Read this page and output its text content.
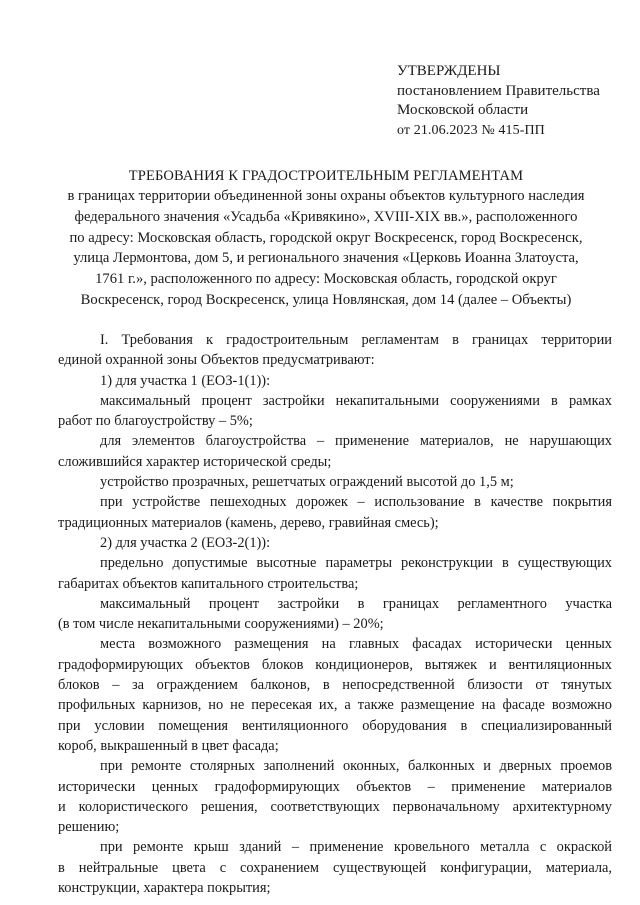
УТВЕРЖДЕНЫ
постановлением Правительства
Московской области
от 21.06.2023 № 415-ПП
ТРЕБОВАНИЯ К ГРАДОСТРОИТЕЛЬНЫМ РЕГЛАМЕНТАМ
в границах территории объединенной зоны охраны объектов культурного наследия
федерального значения «Усадьба «Кривякино», XVIII-XIX вв.», расположенного
по адресу: Московская область, городской округ Воскресенск, город Воскресенск,
улица Лермонтова, дом 5, и регионального значения «Церковь Иоанна Златоуста,
1761 г.», расположенного по адресу: Московская область, городской округ
Воскресенск, город Воскресенск, улица Новлянская, дом 14 (далее – Объекты)
I. Требования к градостроительным регламентам в границах территории
единой охранной зоны Объектов предусматривают:
1) для участка 1 (ЕОЗ-1(1)):
максимальный процент застройки некапитальными сооружениями в рамках
работ по благоустройству – 5%;
для элементов благоустройства – применение материалов, не нарушающих
сложившийся характер исторической среды;
устройство прозрачных, решетчатых ограждений высотой до 1,5 м;
при устройстве пешеходных дорожек – использование в качестве покрытия
традиционных материалов (камень, дерево, гравийная смесь);
2) для участка 2 (ЕОЗ-2(1)):
предельно допустимые высотные параметры реконструкции в существующих
габаритах объектов капитального строительства;
максимальный процент застройки в границах регламентного участка
(в том числе некапитальными сооружениями) – 20%;
места возможного размещения на главных фасадах исторически ценных
градоформирующих объектов блоков кондиционеров, вытяжек и вентиляционных
блоков – за ограждением балконов, в непосредственной близости от тянутых
профильных карнизов, но не пересекая их, а также размещение на фасаде возможно
при условии помещения вентиляционного оборудования в специализированный
короб, выкрашенный в цвет фасада;
при ремонте столярных заполнений оконных, балконных и дверных проемов
исторически ценных градоформирующих объектов – применение материалов
и колористического решения, соответствующих первоначальному архитектурному
решению;
при ремонте крыш зданий – применение кровельного металла с окраской
в нейтральные цвета с сохранением существующей конфигурации, материала,
конструкции, характера покрытия;
